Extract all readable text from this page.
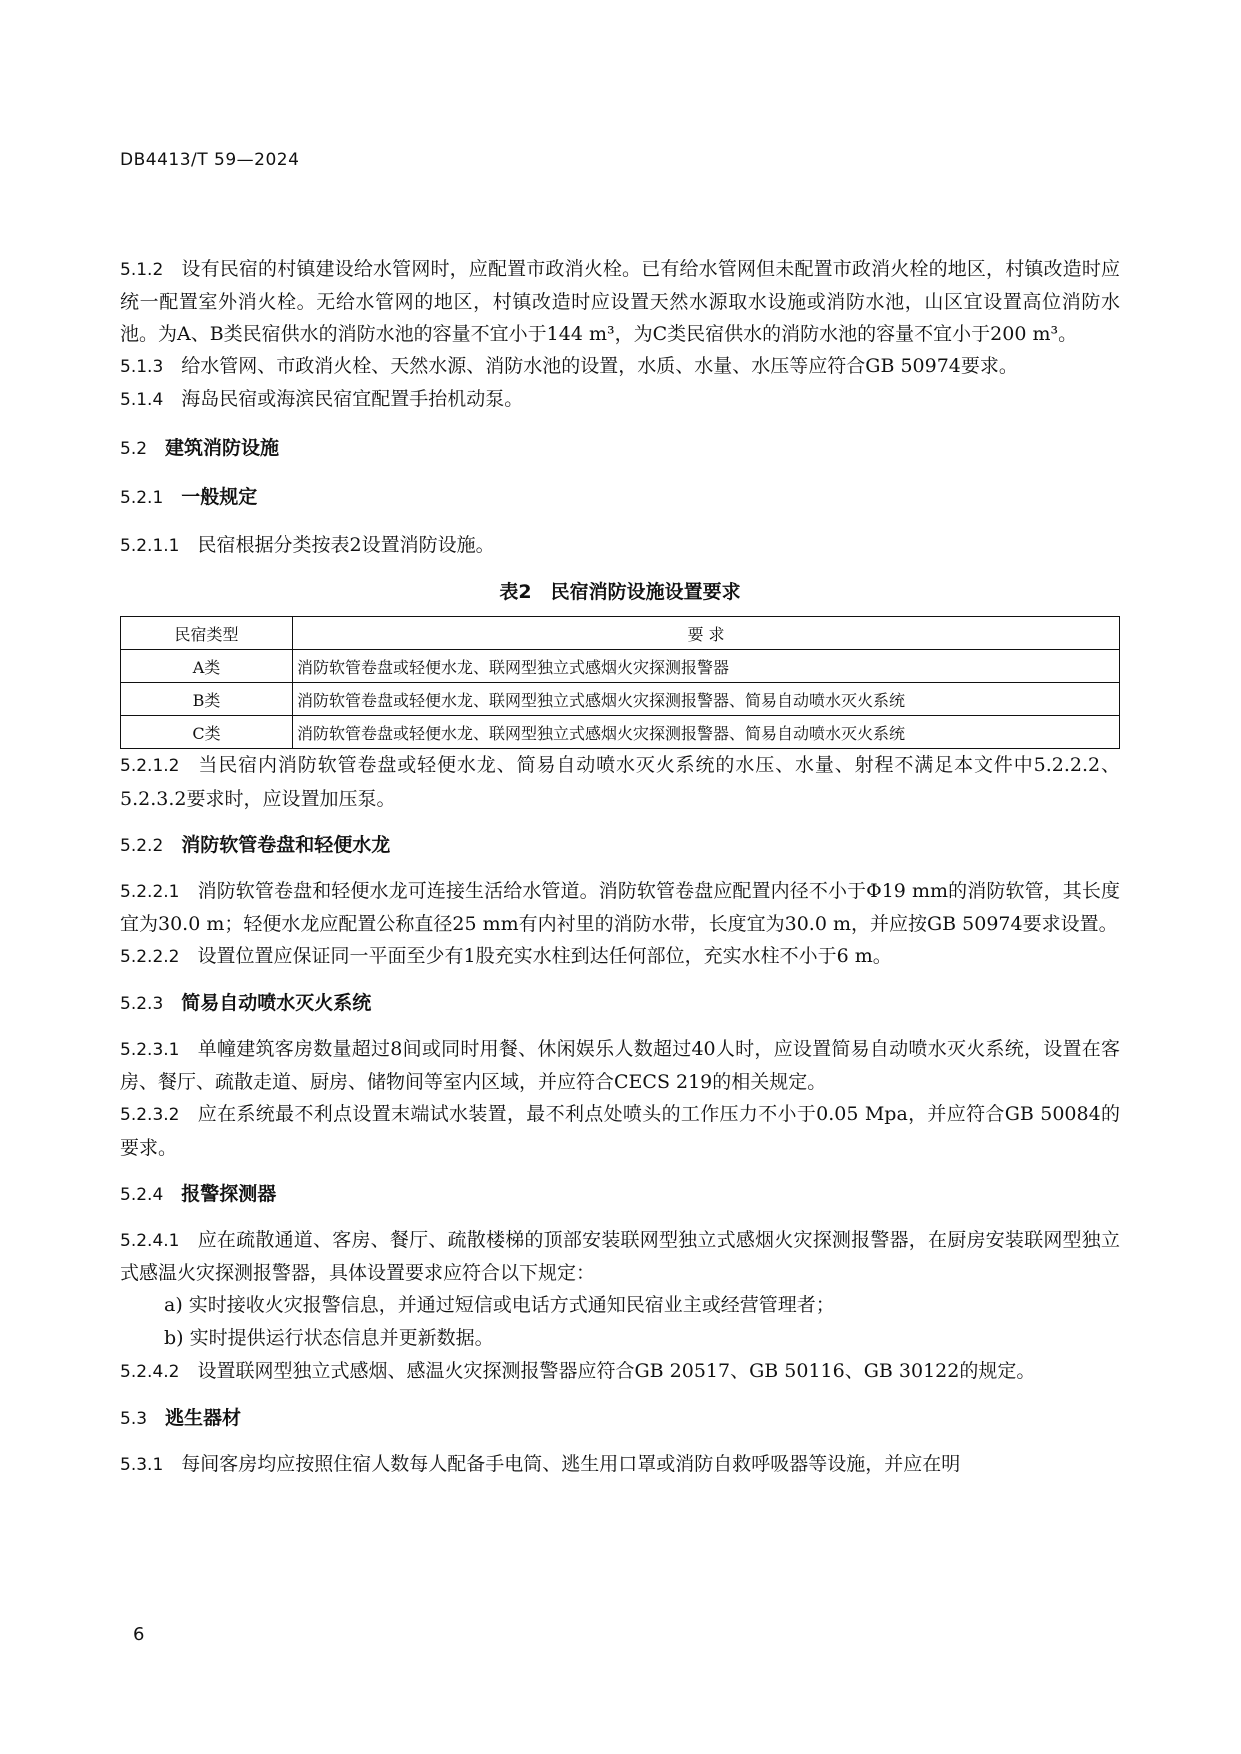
DB4413/T 59—2024

5.1.2 设有民宿的村镇建设给水管网时，应配置市政消火栓。已有给水管网但未配置市政消火栓的地区，村镇改造时应统一配置室外消火栓。无给水管网的地区，村镇改造时应设置天然水源取水设施或消防水池，山区宜设置高位消防水池。为A、B类民宿供水的消防水池的容量不宜小于144 m³，为C类民宿供水的消防水池的容量不宜小于200 m³。

5.1.3 给水管网、市政消火栓、天然水源、消防水池的设置，水质、水量、水压等应符合GB 50974要求。

5.1.4 海岛民宿或海滨民宿宜配置手抬机动泵。

5.2 建筑消防设施

5.2.1 一般规定

5.2.1.1 民宿根据分类按表2设置消防设施。

表2　民宿消防设施设置要求

民宿类型	要 求
A类	消防软管卷盘或轻便水龙、联网型独立式感烟火灾探测报警器
B类	消防软管卷盘或轻便水龙、联网型独立式感烟火灾探测报警器、简易自动喷水灭火系统
C类	消防软管卷盘或轻便水龙、联网型独立式感烟火灾探测报警器、简易自动喷水灭火系统

5.2.1.2 当民宿内消防软管卷盘或轻便水龙、简易自动喷水灭火系统的水压、水量、射程不满足本文件中5.2.2.2、5.2.3.2要求时，应设置加压泵。

5.2.2 消防软管卷盘和轻便水龙

5.2.2.1 消防软管卷盘和轻便水龙可连接生活给水管道。消防软管卷盘应配置内径不小于Φ19 mm的消防软管，其长度宜为30.0 m；轻便水龙应配置公称直径25 mm有内衬里的消防水带，长度宜为30.0 m，并应按GB 50974要求设置。

5.2.2.2 设置位置应保证同一平面至少有1股充实水柱到达任何部位，充实水柱不小于6 m。

5.2.3 简易自动喷水灭火系统

5.2.3.1 单幢建筑客房数量超过8间或同时用餐、休闲娱乐人数超过40人时，应设置简易自动喷水灭火系统，设置在客房、餐厅、疏散走道、厨房、储物间等室内区域，并应符合CECS 219的相关规定。

5.2.3.2 应在系统最不利点设置末端试水装置，最不利点处喷头的工作压力不小于0.05 Mpa，并应符合GB 50084的要求。

5.2.4 报警探测器

5.2.4.1 应在疏散通道、客房、餐厅、疏散楼梯的顶部安装联网型独立式感烟火灾探测报警器，在厨房安装联网型独立式感温火灾探测报警器，具体设置要求应符合以下规定：

a) 实时接收火灾报警信息，并通过短信或电话方式通知民宿业主或经营管理者；

b) 实时提供运行状态信息并更新数据。

5.2.4.2 设置联网型独立式感烟、感温火灾探测报警器应符合GB 20517、GB 50116、GB 30122的规定。

5.3 逃生器材

5.3.1 每间客房均应按照住宿人数每人配备手电筒、逃生用口罩或消防自救呼吸器等设施，并应在明

6
